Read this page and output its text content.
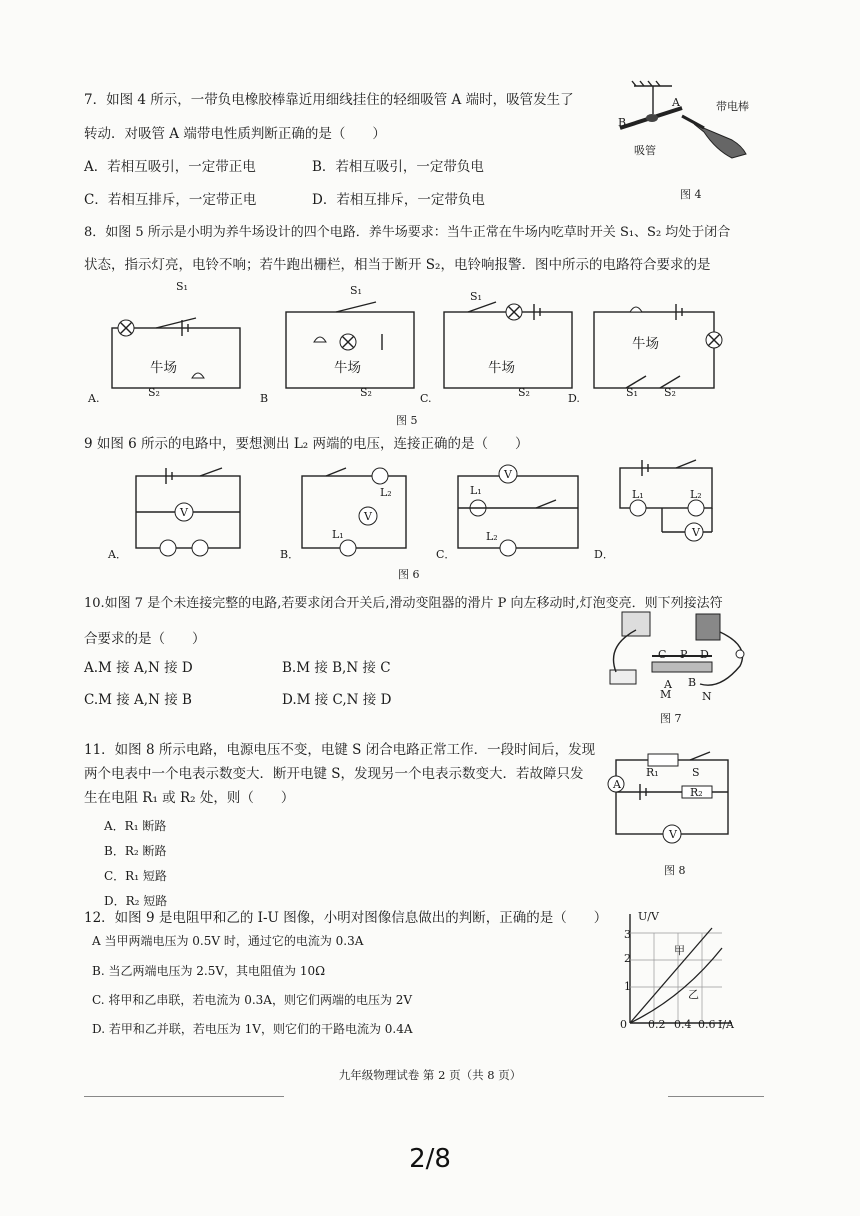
7．如图 4 所示，一带负电橡胶棒靠近用细线挂住的轻细吸管 A 端时，吸管发生了
转动．对吸管 A 端带电性质判断正确的是（　　）
A．若相互吸引，一定带正电	B．若相互吸引，一定带负电
C．若相互排斥，一定带正电	D．若相互排斥，一定带负电
B
A	带电棒
吸管
图 4
8．如图 5 所示是小明为养牛场设计的四个电路．养牛场要求：当牛正常在牛场内吃草时开关 S₁、S₂ 均处于闭合
状态，指示灯亮，电铃不响；若牛跑出栅栏，相当于断开 S₂，电铃响报警．图中所示的电路符合要求的是
牛场	牛场	牛场
牛场
S₁
S₂
S₁
S₂
S₁
S₂	S₁ S₂
A.	B	C.	D.
图 5
9 如图 6 所示的电路中，要想测出 L₂ 两端的电压，连接正确的是（　　）
V	V
L₂
L₁
V
L₁
L₂
L₁	L₂
V
A．	B．	C．	D．
图 6
10.如图 7 是个未连接完整的电路,若要求闭合开关后,滑动变阻器的滑片 P 向左移动时,灯泡变亮．则下列接法符
合要求的是（　　）
A.M 接 A,N 接 D	B.M 接 B,N 接 C
C.M 接 A,N 接 B	D.M 接 C,N 接 D
C P D
A B
M	N
图 7
11．如图 8 所示电路，电源电压不变，电键 S 闭合电路正常工作．一段时间后，发现
两个电表中一个电表示数变大．断开电键 S，发现另一个电表示数变大．若故障只发
生在电阻 R₁ 或 R₂ 处，则（　　）
A．R₁ 断路
B．R₂ 断路
C．R₁ 短路
D．R₂ 短路
R₁	S
R₂
A
V
图 8
12．如图 9 是电阻甲和乙的 I-U 图像，小明对图像信息做出的判断，正确的是（　　）
A 当甲两端电压为 0.5V 时，通过它的电流为 0.3A
B. 当乙两端电压为 2.5V，其电阻值为 10Ω
C. 将甲和乙串联，若电流为 0.3A，则它们两端的电压为 2V
D. 若甲和乙并联，若电压为 1V，则它们的干路电流为 0.4A
U/V
3
2
1
0 0.2 0.4 0.6 I/A
甲
乙
九年级物理试卷 第 2 页（共 8 页）
2/8
